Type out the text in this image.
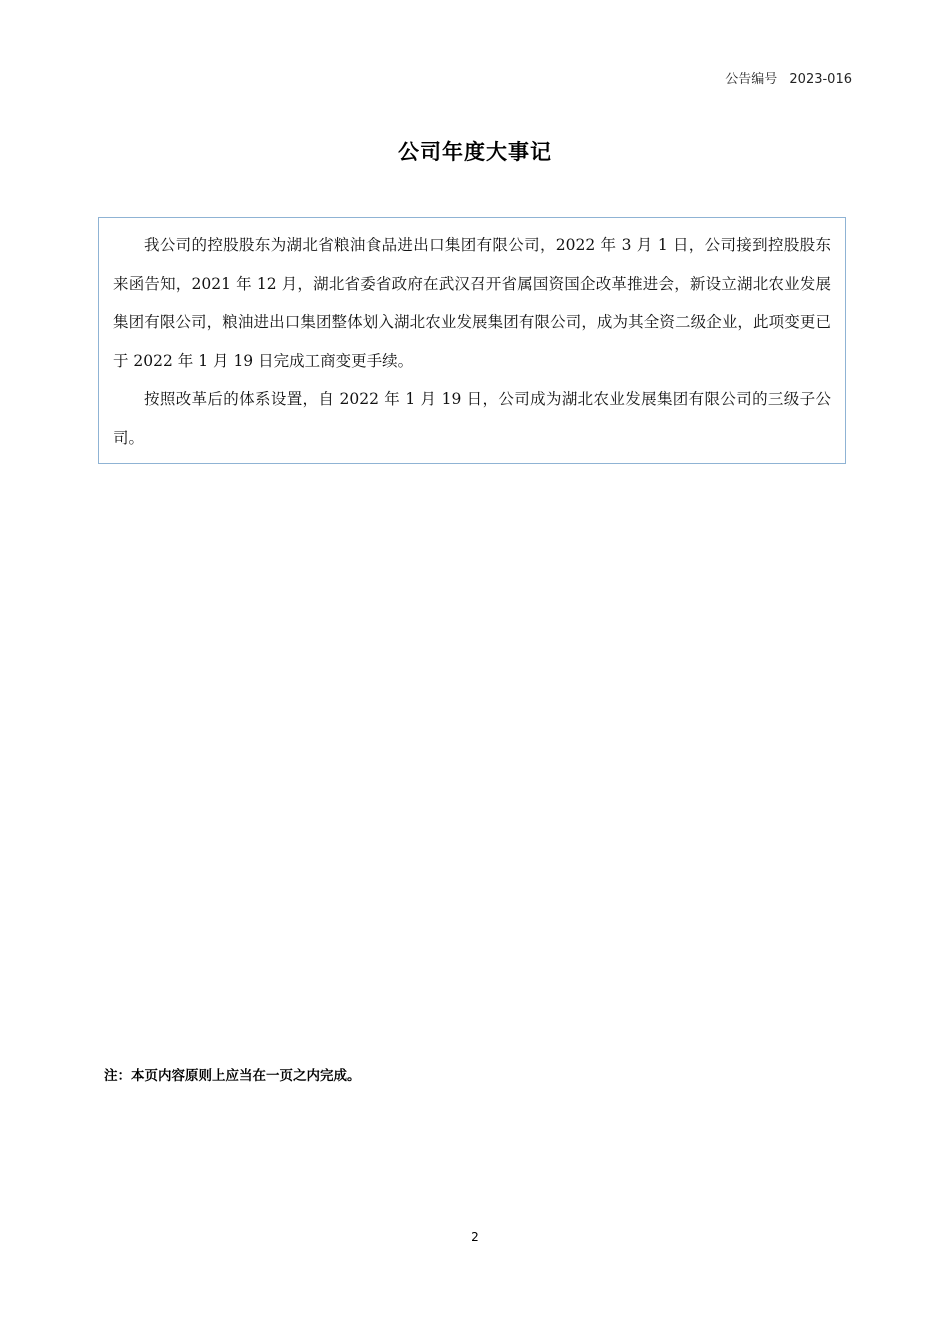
公告编号 2023-016
公司年度大事记

我公司的控股股东为湖北省粮油食品进出口集团有限公司，2022 年 3 月 1 日，公司接到控股股东来函告知，2021 年 12 月，湖北省委省政府在武汉召开省属国资国企改革推进会，新设立湖北农业发展集团有限公司，粮油进出口集团整体划入湖北农业发展集团有限公司，成为其全资二级企业，此项变更已于 2022 年 1 月 19 日完成工商变更手续。

按照改革后的体系设置，自 2022 年 1 月 19 日，公司成为湖北农业发展集团有限公司的三级子公司。

注：本页内容原则上应当在一页之内完成。
2
